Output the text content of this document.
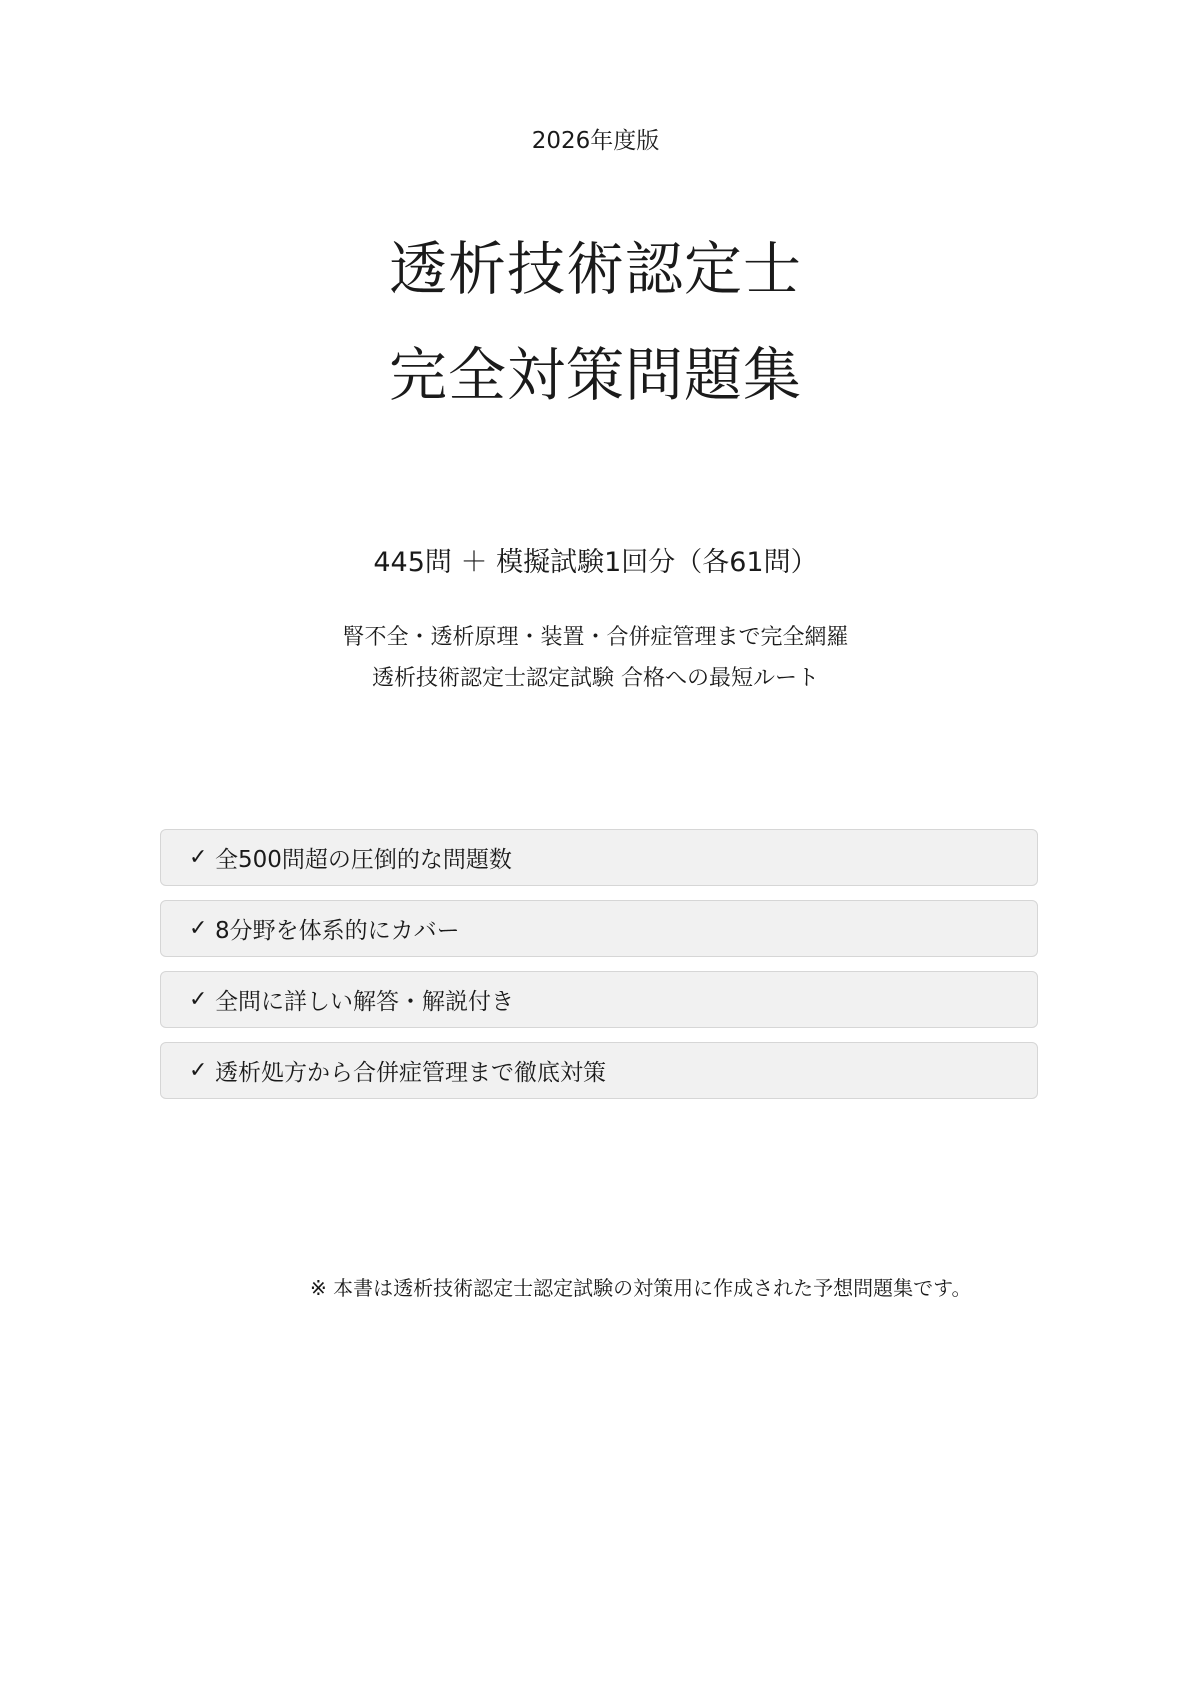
2026年度版
透析技術認定士
完全対策問題集
445問 ＋ 模擬試験1回分（各61問）
腎不全・透析原理・装置・合併症管理まで完全網羅
透析技術認定士認定試験 合格への最短ルート
✓ 全500問超の圧倒的な問題数
✓ 8分野を体系的にカバー
✓ 全問に詳しい解答・解説付き
✓ 透析処方から合併症管理まで徹底対策
※ 本書は透析技術認定士認定試験の対策用に作成された予想問題集です。
